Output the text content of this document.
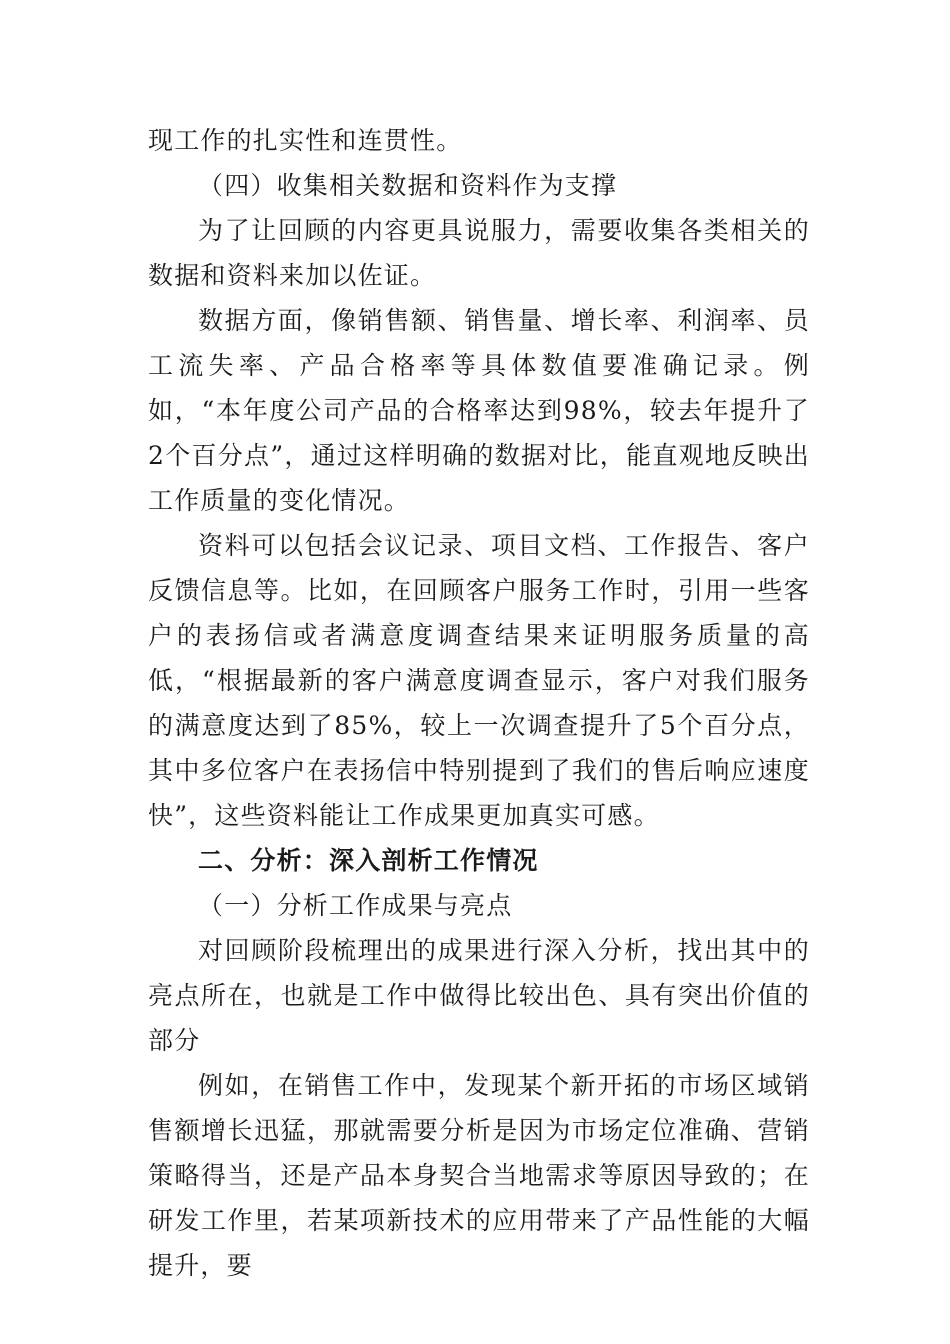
现工作的扎实性和连贯性。

（四）收集相关数据和资料作为支撑

为了让回顾的内容更具说服力，需要收集各类相关的数据和资料来加以佐证。

数据方面，像销售额、销售量、增长率、利润率、员工流失率、产品合格率等具体数值要准确记录。例如，“本年度公司产品的合格率达到98%，较去年提升了2个百分点”，通过这样明确的数据对比，能直观地反映出工作质量的变化情况。

资料可以包括会议记录、项目文档、工作报告、客户反馈信息等。比如，在回顾客户服务工作时，引用一些客户的表扬信或者满意度调查结果来证明服务质量的高低，“根据最新的客户满意度调查显示，客户对我们服务的满意度达到了85%，较上一次调查提升了5个百分点，其中多位客户在表扬信中特别提到了我们的售后响应速度快”，这些资料能让工作成果更加真实可感。

二、分析：深入剖析工作情况

（一）分析工作成果与亮点

对回顾阶段梳理出的成果进行深入分析，找出其中的亮点所在，也就是工作中做得比较出色、具有突出价值的部分

例如，在销售工作中，发现某个新开拓的市场区域销售额增长迅猛，那就需要分析是因为市场定位准确、营销策略得当，还是产品本身契合当地需求等原因导致的；在研发工作里，若某项新技术的应用带来了产品性能的大幅提升，要
